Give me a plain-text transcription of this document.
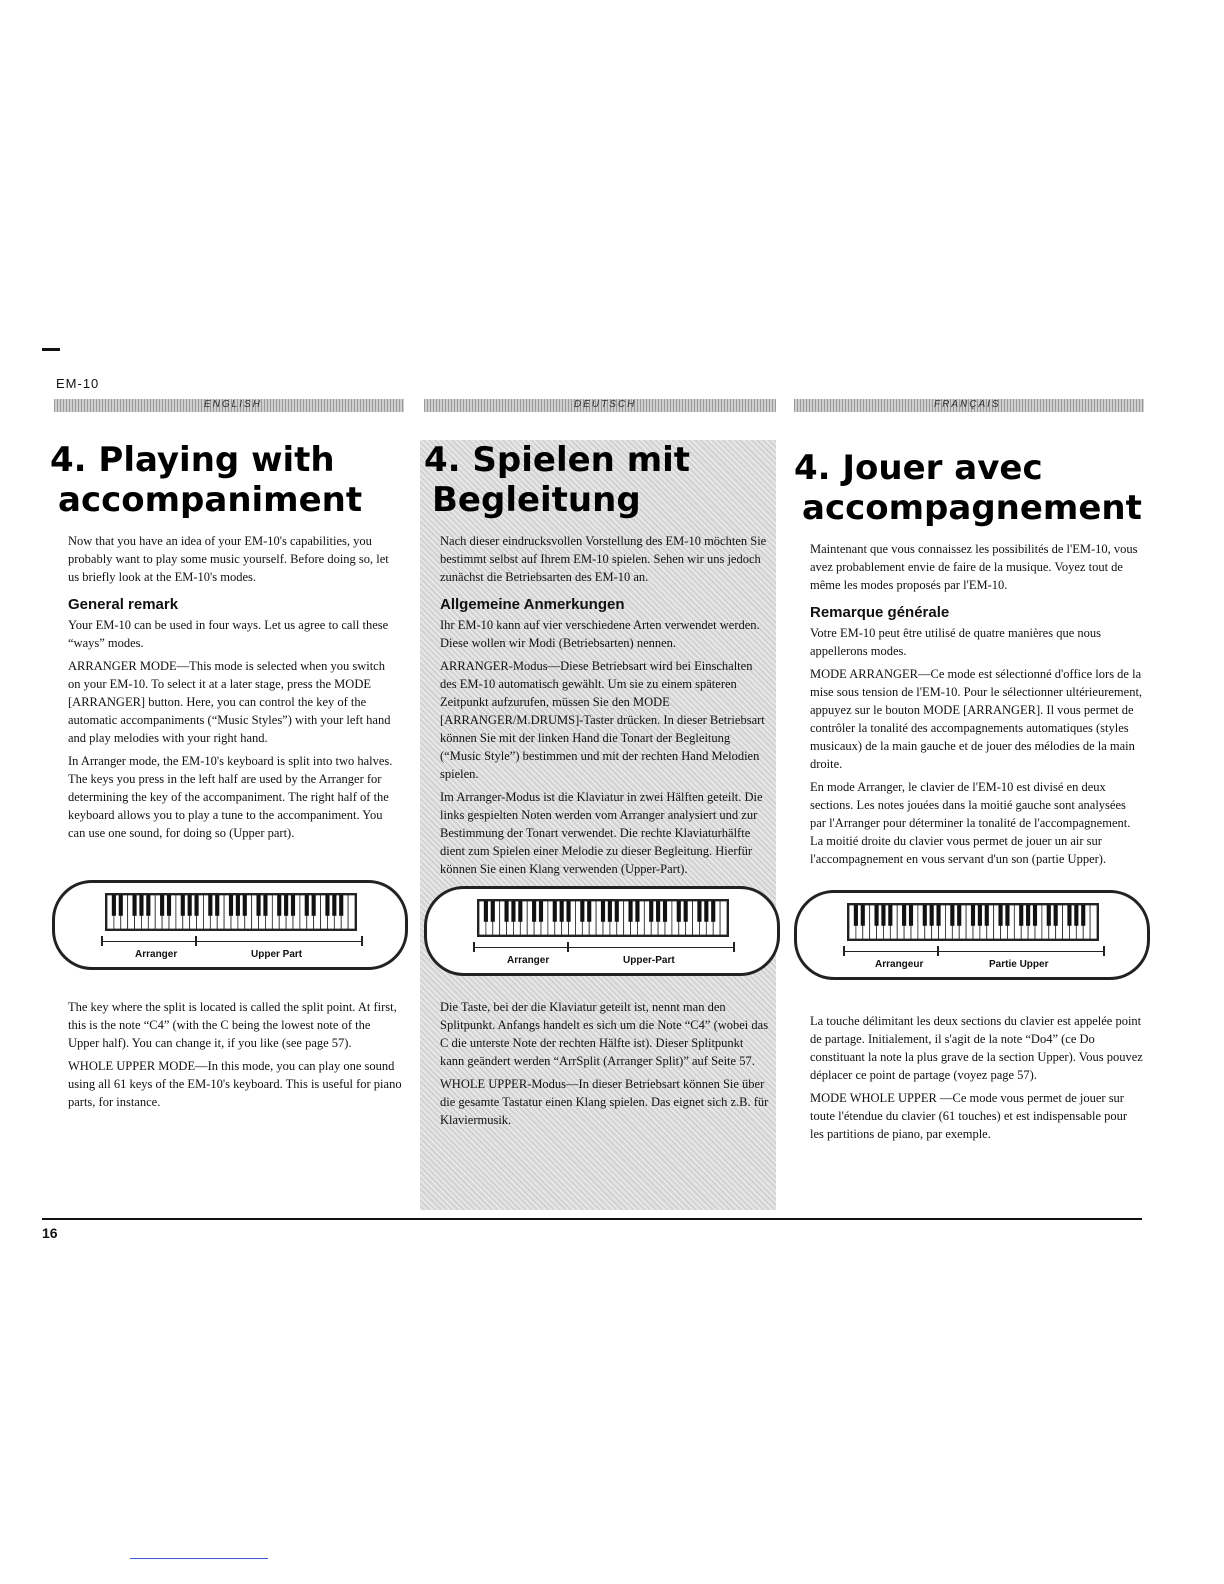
EM-10
ENGLISH	DEUTSCH	FRANÇAIS
4. Playing with
accompaniment

Now that you have an idea of your EM-10's capabilities, you probably want to play some music yourself. Before doing so, let us briefly look at the EM-10's modes.

General remark

Your EM-10 can be used in four ways. Let us agree to call these “ways” modes.

ARRANGER MODE—This mode is selected when you switch on your EM-10. To select it at a later stage, press the MODE [ARRANGER] button. Here, you can control the key of the automatic accompaniments (“Music Styles”) with your left hand and play melodies with your right hand.

In Arranger mode, the EM-10's keyboard is split into two halves. The keys you press in the left half are used by the Arranger for determining the key of the accompaniment. The right half of the keyboard allows you to play a tune to the accompaniment. You can use one sound, for doing so (Upper part).

Arranger	Upper Part

The key where the split is located is called the split point. At first, this is the note “C4” (with the C being the lowest note of the Upper half). You can change it, if you like (see page 57).

WHOLE UPPER MODE—In this mode, you can play one sound using all 61 keys of the EM-10's keyboard. This is useful for piano parts, for instance.

4. Spielen mit
Begleitung

Nach dieser eindrucksvollen Vorstellung des EM-10 möchten Sie bestimmt selbst auf Ihrem EM-10 spielen. Sehen wir uns jedoch zunächst die Betriebsarten des EM-10 an.

Allgemeine Anmerkungen

Ihr EM-10 kann auf vier verschiedene Arten verwendet werden. Diese wollen wir Modi (Betriebsarten) nennen.

ARRANGER-Modus—Diese Betriebsart wird bei Einschalten des EM-10 automatisch gewählt. Um sie zu einem späteren Zeitpunkt aufzurufen, müssen Sie den MODE [ARRANGER/M.DRUMS]-Taster drücken. In dieser Betriebsart können Sie mit der linken Hand die Tonart der Begleitung (“Music Style”) bestimmen und mit der rechten Hand Melodien spielen.

Im Arranger-Modus ist die Klaviatur in zwei Hälften geteilt. Die links gespielten Noten werden vom Arranger analysiert und zur Bestimmung der Tonart verwendet. Die rechte Klaviaturhälfte dient zum Spielen einer Melodie zu dieser Begleitung. Hierfür können Sie einen Klang verwenden (Upper-Part).

Arranger	Upper-Part

Die Taste, bei der die Klaviatur geteilt ist, nennt man den Splitpunkt. Anfangs handelt es sich um die Note “C4” (wobei das C die unterste Note der rechten Hälfte ist). Dieser Splitpunkt kann geändert werden “ArrSplit (Arranger Split)” auf Seite 57.

WHOLE UPPER-Modus—In dieser Betriebsart können Sie über die gesamte Tastatur einen Klang spielen. Das eignet sich z.B. für Klaviermusik.

4. Jouer avec
accompagnement

Maintenant que vous connaissez les possibilités de l'EM-10, vous avez probablement envie de faire de la musique. Voyez tout de même les modes proposés par l'EM-10.

Remarque générale

Votre EM-10 peut être utilisé de quatre manières que nous appellerons modes.

MODE ARRANGER—Ce mode est sélectionné d'office lors de la mise sous tension de l'EM-10. Pour le sélectionner ultérieurement, appuyez sur le bouton MODE [ARRANGER]. Il vous permet de contrôler la tonalité des accompagnements automatiques (styles musicaux) de la main gauche et de jouer des mélodies de la main droite.

En mode Arranger, le clavier de l'EM-10 est divisé en deux sections. Les notes jouées dans la moitié gauche sont analysées par l'Arranger pour déterminer la tonalité de l'accompagnement. La moitié droite du clavier vous permet de jouer un air sur l'accompagnement en vous servant d'un son (partie Upper).

Arrangeur	Partie Upper

La touche délimitant les deux sections du clavier est appelée point de partage. Initialement, il s'agit de la note “Do4” (ce Do constituant la note la plus grave de la section Upper). Vous pouvez déplacer ce point de partage (voyez page 57).

MODE WHOLE UPPER —Ce mode vous permet de jouer sur toute l'étendue du clavier (61 touches) et est indispensable pour les partitions de piano, par exemple.

16
